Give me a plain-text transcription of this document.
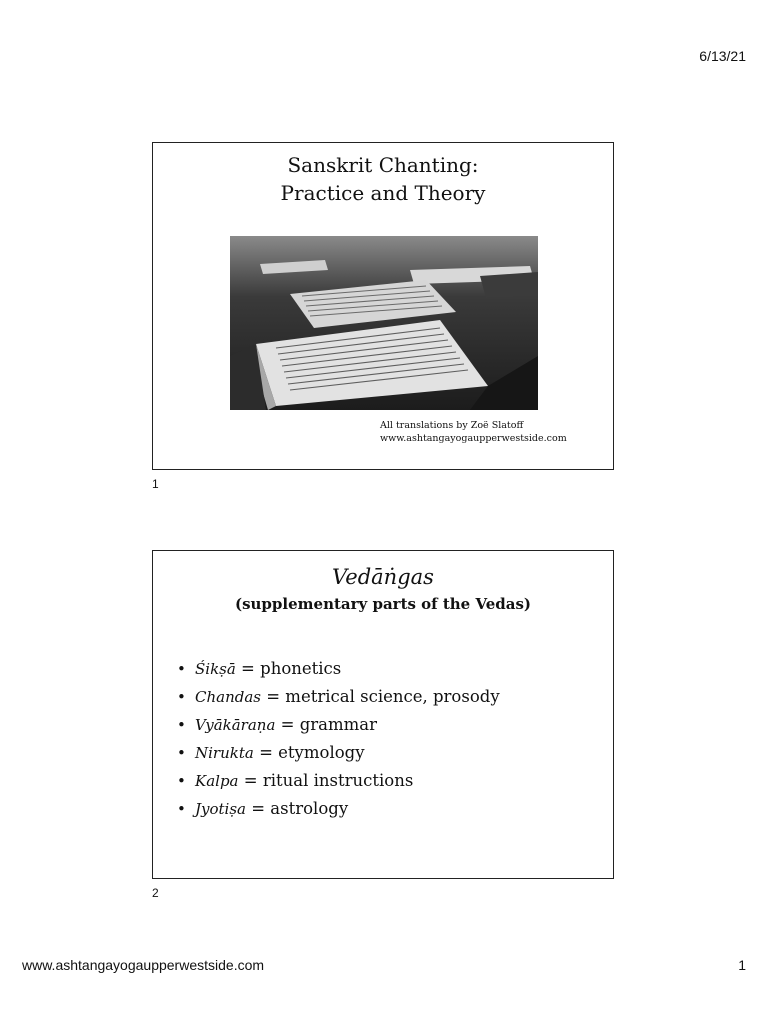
6/13/21
Sanskrit Chanting:
Practice and Theory
All translations by Zoë Slatoff
www.ashtangayogaupperwestside.com
1
Vedāṅgas
(supplementary parts of the Vedas)
• Śikṣā = phonetics
• Chandas = metrical science, prosody
• Vyākāraṇa = grammar
• Nirukta = etymology
• Kalpa = ritual instructions
• Jyotiṣa = astrology
2
www.ashtangayogaupperwestside.com	1
